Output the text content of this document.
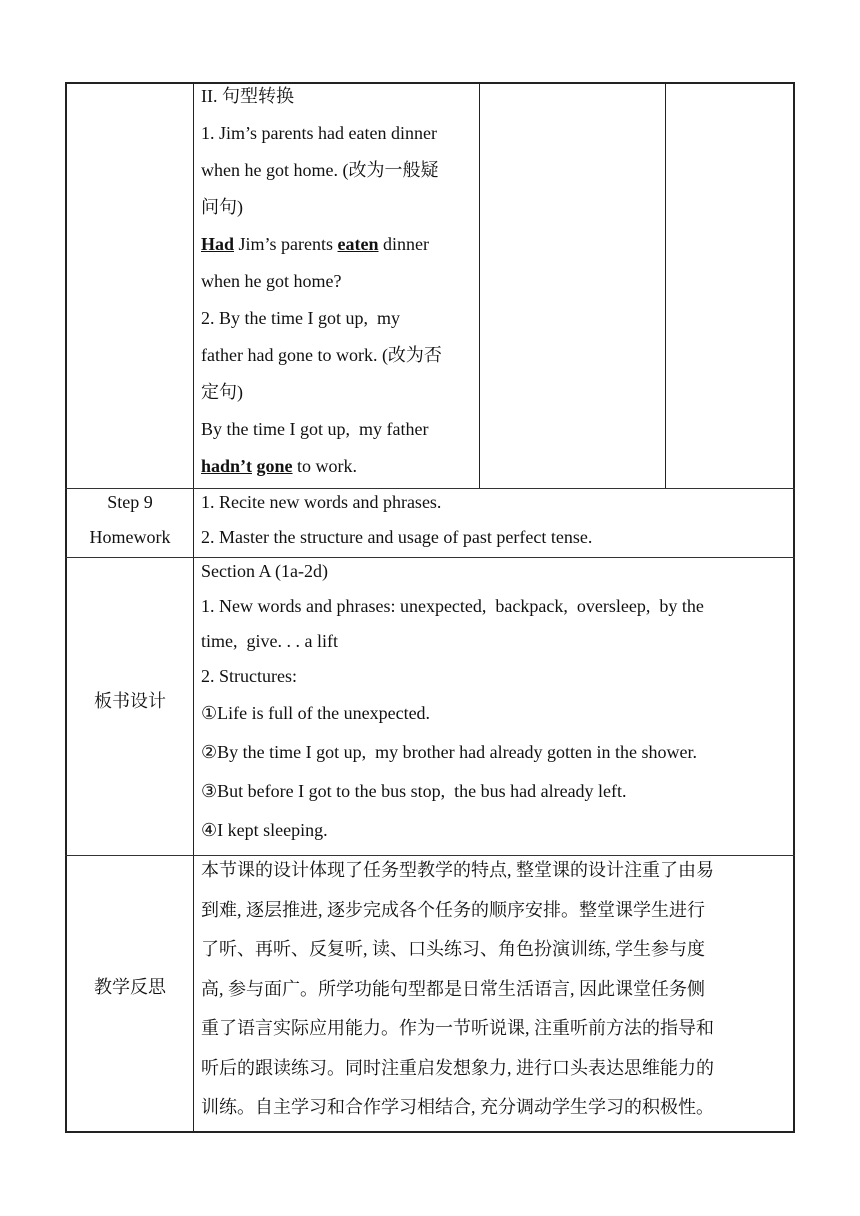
II. 句型转换

1. Jim’s parents had eaten dinner

when he got home. (改为一般疑

问句)

Had Jim’s parents eaten dinner

when he got home?

2. By the time I got up,  my

father had gone to work. (改为否

定句)

By the time I got up,  my father

hadn’t gone to work.

Step 9
Homework

1. Recite new words and phrases.

2. Master the structure and usage of past perfect tense.

板书设计

Section A (1a-2d)

1. New words and phrases: unexpected,  backpack,  oversleep,  by the

time,  give. . . a lift

2. Structures:

①Life is full of the unexpected.

②By the time I got up,  my brother had already gotten in the shower.

③But before I got to the bus stop,  the bus had already left.

④I kept sleeping.

教学反思

本节课的设计体现了任务型教学的特点, 整堂课的设计注重了由易

到难, 逐层推进, 逐步完成各个任务的顺序安排。整堂课学生进行

了听、再听、反复听, 读、口头练习、角色扮演训练, 学生参与度

高, 参与面广。所学功能句型都是日常生活语言, 因此课堂任务侧

重了语言实际应用能力。作为一节听说课, 注重听前方法的指导和

听后的跟读练习。同时注重启发想象力, 进行口头表达思维能力的

训练。自主学习和合作学习相结合, 充分调动学生学习的积极性。
